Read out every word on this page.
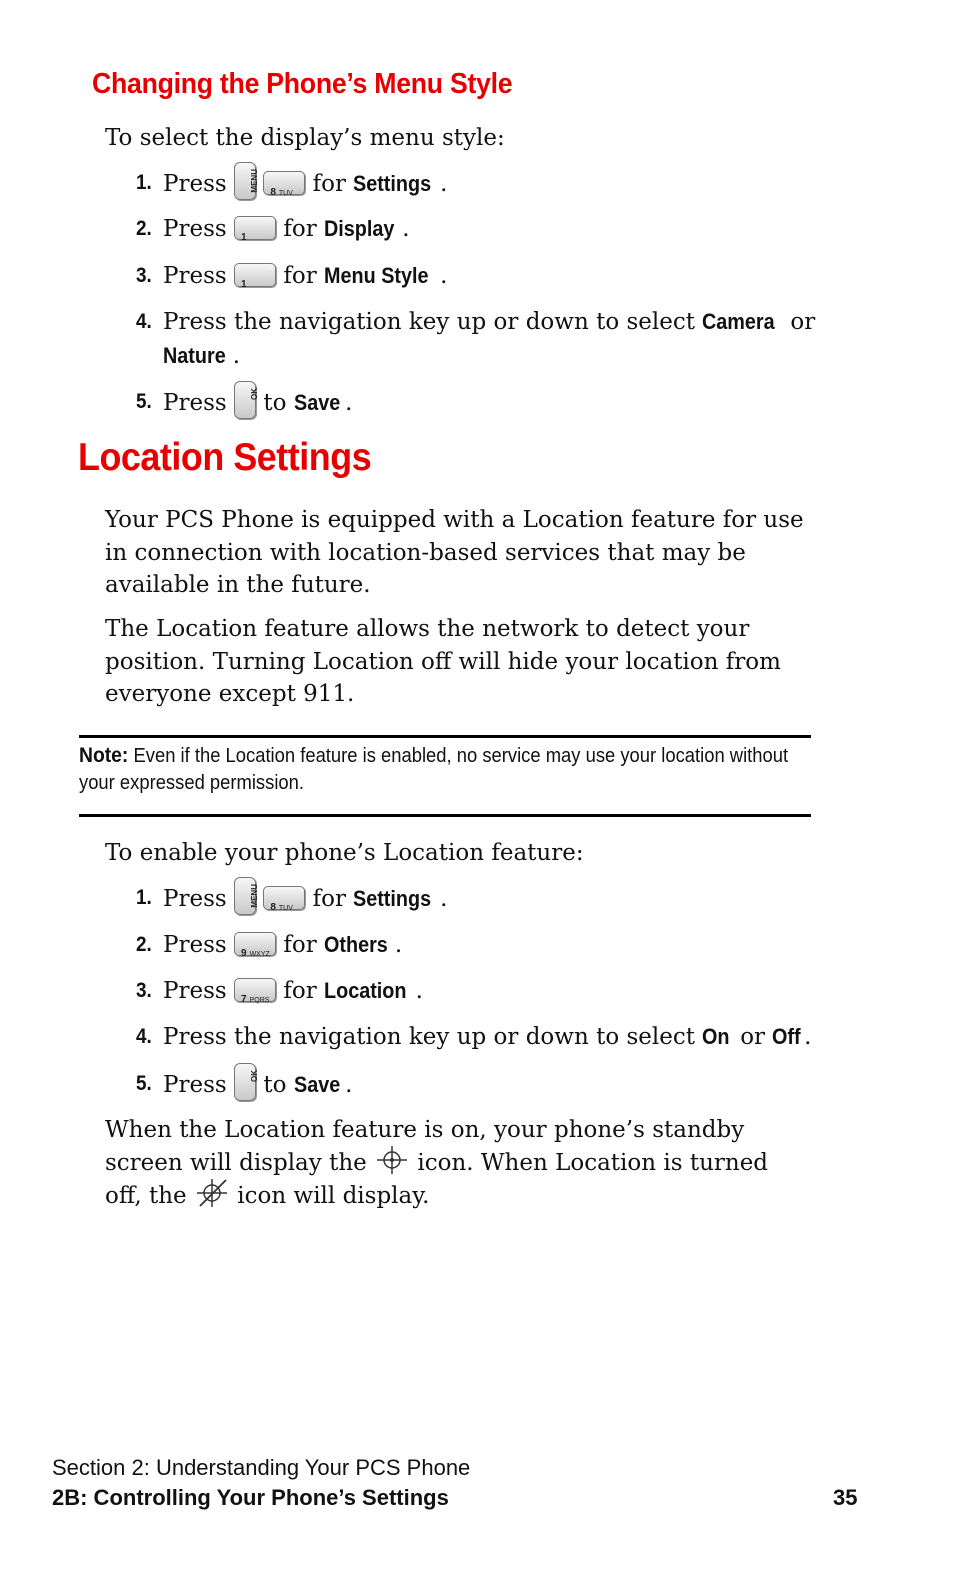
Changing the Phone’s Menu Style

To select the display’s menu style:

1. Press	MENU
	8 TUV for Settings .
2. Press 1 for Display .
3. Press 1 for Menu Style .
4. Press the navigation key up or down to select Camera or
Nature .
5. Press	OK to Save .
Location Settings

Your PCS Phone is equipped with a Location feature for use in connection with location-based services that may be available in the future.

The Location feature allows the network to detect your position. Turning Location off will hide your location from everyone except 911.

Note: Even if the Location feature is enabled, no service may use your location without your expressed permission.

To enable your phone’s Location feature:

1. Press	MENU
	8 TUV for Settings .
2. Press 9 WXYZ for Others .
3. Press 7 PQRS for Location .
4. Press the navigation key up or down to select On or Off .
5. Press	OK to Save .

When the Location feature is on, your phone’s standby screen will display the icon. When Location is turned off, the icon will display.

Section 2: Understanding Your PCS Phone
2B: Controlling Your Phone’s Settings	35
